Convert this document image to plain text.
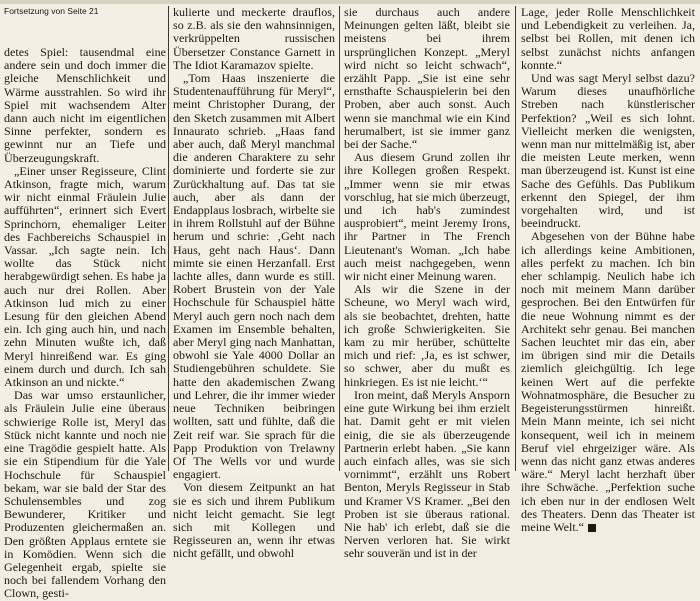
Fortsetzung von Seite 21

detes Spiel: tausendmal eine andere sein und doch immer die gleiche Menschlichkeit und Wärme ausstrahlen. So wird ihr Spiel mit wachsendem Alter dann auch nicht im eigentlichen Sinne perfekter, sondern es gewinnt nur an Tiefe und Überzeugungskraft.

„Einer unser Regisseure, Clint Atkinson, fragte mich, warum wir nicht einmal Fräulein Julie aufführten“, erinnert sich Evert Sprinchorn, ehemaliger Leiter des Fachbereichs Schauspiel in Vassar. „Ich sagte nein. Ich wollte das Stück nicht herabgewürdigt sehen. Es habe ja auch nur drei Rollen. Aber Atkinson lud mich zu einer Lesung für den gleichen Abend ein. Ich ging auch hin, und nach zehn Minuten wußte ich, daß Meryl hinreißend war. Es ging einem durch und durch. Ich sah Atkinson an und nickte.“

Das war umso erstaunlicher, als Fräulein Julie eine überaus schwierige Rolle ist, Meryl das Stück nicht kannte und noch nie eine Tragödie gespielt hatte. Als sie ein Stipendium für die Yale Hochschule für Schauspiel bekam, war sie bald der Star des Schulensembles und zog Bewunderer, Kritiker und Produzenten gleichermaßen an. Den größten Applaus erntete sie in Komödien. Wenn sich die Gelegenheit ergab, spielte sie noch bei fallendem Vorhang den Clown, gesti-

kulierte und meckerte drauflos, so z.B. als sie den wahnsinnigen, verkrüppelten russischen Übersetzer Constance Garnett in The Idiot Karamazov spielte.

„Tom Haas inszenierte die Studentenaufführung für Meryl“, meint Christopher Durang, der den Sketch zusammen mit Albert Innaurato schrieb. „Haas fand aber auch, daß Meryl manchmal die anderen Charaktere zu sehr dominierte und forderte sie zur Zurückhaltung auf. Das tat sie auch, aber als dann der Endapplaus losbrach, wirbelte sie in ihrem Rollstuhl auf der Bühne herum und schrie: ‚Geht nach Haus, geht nach Haus‘. Dann mimte sie einen Herzanfall. Erst lachte alles, dann wurde es still. Robert Brustein von der Yale Hochschule für Schauspiel hätte Meryl auch gern noch nach dem Examen im Ensemble behalten, aber Meryl ging nach Manhattan, obwohl sie Yale 4000 Dollar an Studiengebühren schuldete. Sie hatte den akademischen Zwang und Lehrer, die ihr immer wieder neue Techniken beibringen wollten, satt und fühlte, daß die Zeit reif war. Sie sprach für die Papp Produktion von Trelawny Of The Wells vor und wurde engagiert.

Von diesem Zeitpunkt an hat sie es sich und ihrem Publikum nicht leicht gemacht. Sie legt sich mit Kollegen und Regisseuren an, wenn ihr etwas nicht gefällt, und obwohl

sie durchaus auch andere Meinungen gelten läßt, bleibt sie meistens bei ihrem ursprünglichen Konzept. „Meryl wird nicht so leicht schwach“, erzählt Papp. „Sie ist eine sehr ernsthafte Schauspielerin bei den Proben, aber auch sonst. Auch wenn sie manchmal wie ein Kind herumalbert, ist sie immer ganz bei der Sache.“

Aus diesem Grund zollen ihr ihre Kollegen großen Respekt. „Immer wenn sie mir etwas vorschlug, hat sie mich überzeugt, und ich hab's zumindest ausprobiert“, meint Jeremy Irons, ihr Partner in The French Lieutenant's Woman. „Ich habe auch meist nachgegeben, wenn wir nicht einer Meinung waren.

Als wir die Szene in der Scheune, wo Meryl wach wird, als sie beobachtet, drehten, hatte ich große Schwierigkeiten. Sie kam zu mir herüber, schüttelte mich und rief: ‚Ja, es ist schwer, so schwer, aber du mußt es hinkriegen. Es ist nie leicht.‘“

Iron meint, daß Meryls Ansporn eine gute Wirkung bei ihm erzielt hat. Damit geht er mit vielen einig, die sie als überzeugende Partnerin erlebt haben. „Sie kann auch einfach alles, was sie sich vornimmt“, erzählt uns Robert Benton, Meryls Regisseur in Stab und Kramer VS Kramer. „Bei den Proben ist sie überaus rational. Nie hab' ich erlebt, daß sie die Nerven verloren hat. Sie wirkt sehr souverän und ist in der

Lage, jeder Rolle Menschlichkeit und Lebendigkeit zu verleihen. Ja, selbst bei Rollen, mit denen ich selbst zunächst nichts anfangen konnte.“

Und was sagt Meryl selbst dazu? Warum dieses unaufhörliche Streben nach künstlerischer Perfektion? „Weil es sich lohnt. Vielleicht merken die wenigsten, wenn man nur mittelmäßig ist, aber die meisten Leute merken, wenn man überzeugend ist. Kunst ist eine Sache des Gefühls. Das Publikum erkennt den Spiegel, der ihm vorgehalten wird, und ist beeindruckt.

Abgesehen von der Bühne habe ich allerdings keine Ambitionen, alles perfekt zu machen. Ich bin eher schlampig. Neulich habe ich noch mit meinem Mann darüber gesprochen. Bei den Entwürfen für die neue Wohnung nimmt es der Architekt sehr genau. Bei manchen Sachen leuchtet mir das ein, aber im übrigen sind mir die Details ziemlich gleichgültig. Ich lege keinen Wert auf die perfekte Wohnatmosphäre, die Besucher zu Begeisterungsstürmen hinreißt. Mein Mann meinte, ich sei nicht konsequent, weil ich in meinem Beruf viel ehrgeiziger wäre. Als wenn das nicht ganz etwas anderes wäre.“ Meryl lacht herzhaft über ihre Schwäche. „Perfektion suche ich eben nur in der endlosen Welt des Theaters. Denn das Theater ist meine Welt.“
